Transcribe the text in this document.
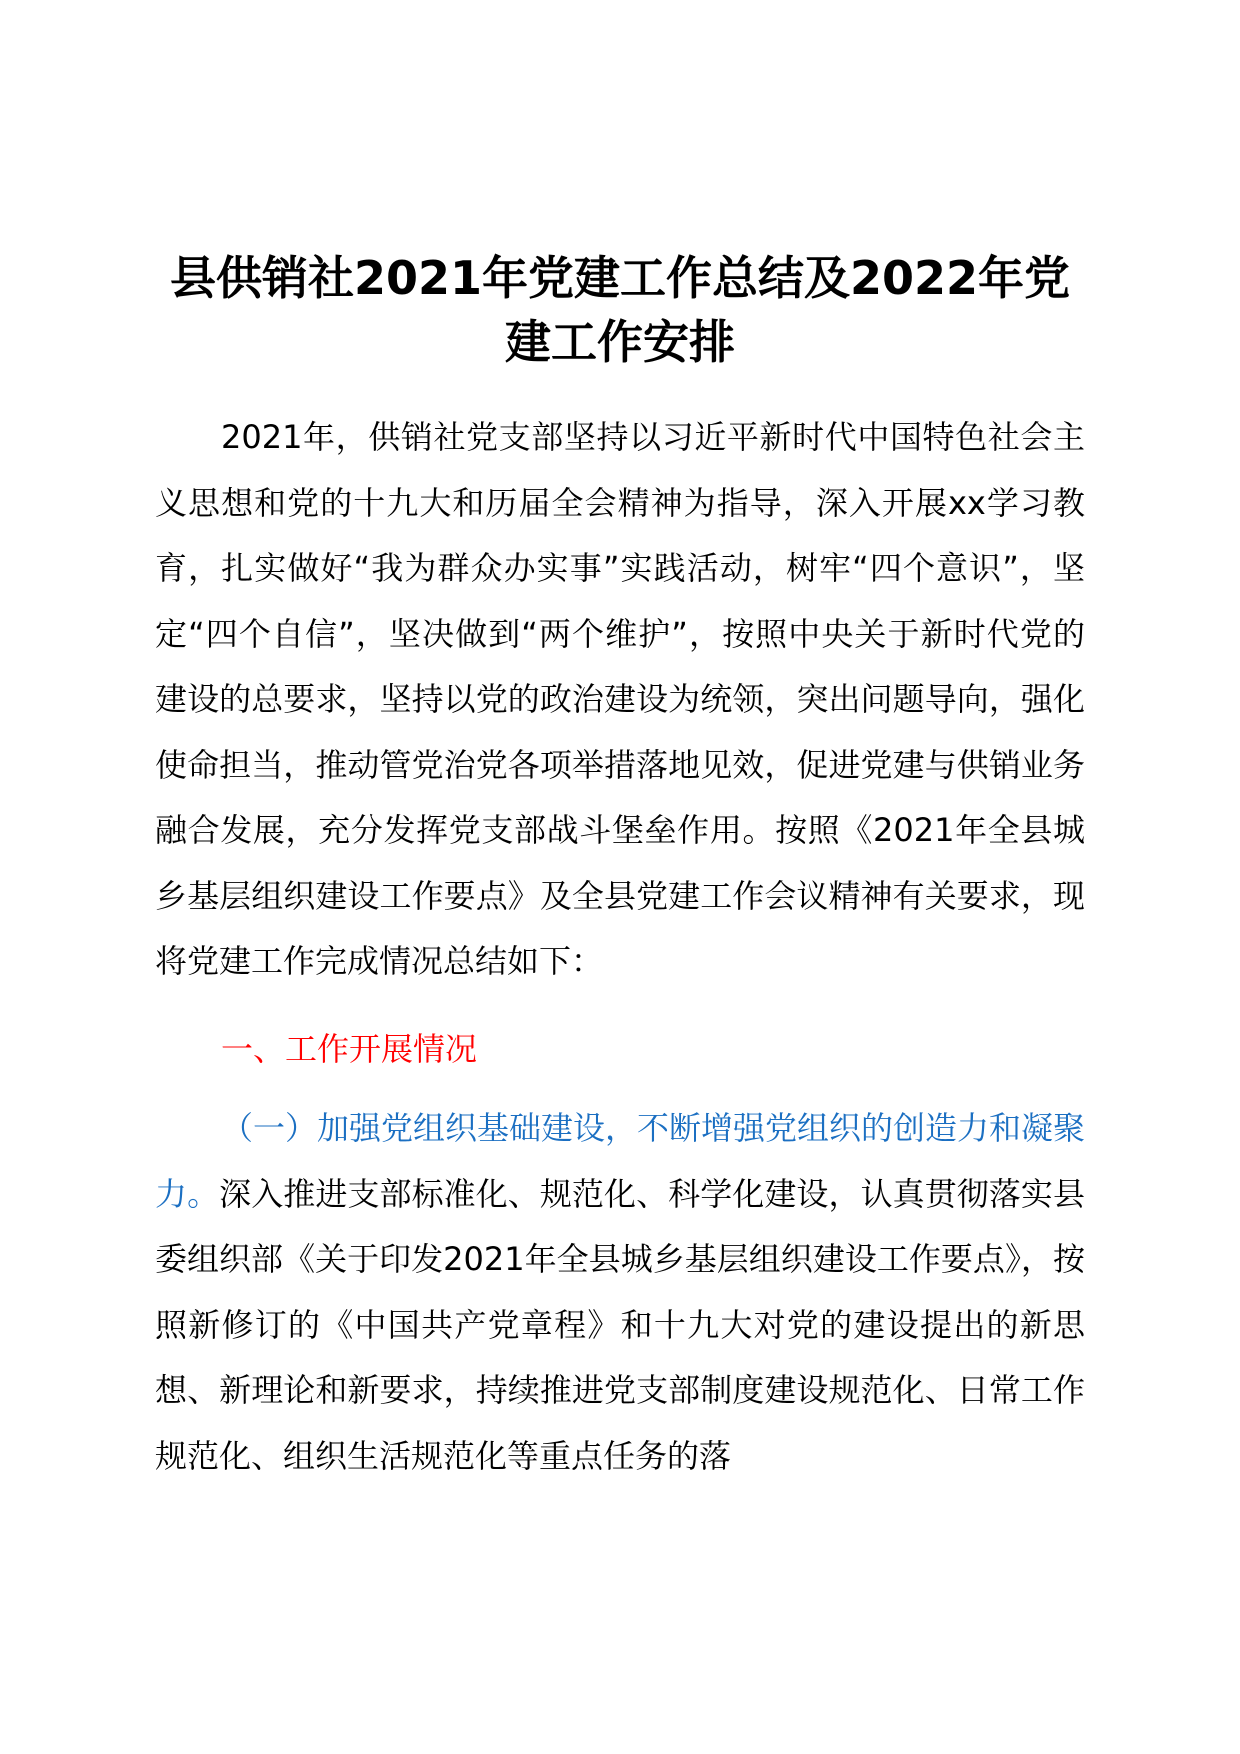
县供销社2021年党建工作总结及2022年党建工作安排
2021年，供销社党支部坚持以习近平新时代中国特色社会主义思想和党的十九大和历届全会精神为指导，深入开展xx学习教育，扎实做好“我为群众办实事”实践活动，树牢“四个意识”，坚定“四个自信”，坚决做到“两个维护”，按照中央关于新时代党的建设的总要求，坚持以党的政治建设为统领，突出问题导向，强化使命担当，推动管党治党各项举措落地见效，促进党建与供销业务融合发展，充分发挥党支部战斗堡垒作用。按照《2021年全县城乡基层组织建设工作要点》及全县党建工作会议精神有关要求，现将党建工作完成情况总结如下：
一、工作开展情况
（一）加强党组织基础建设，不断增强党组织的创造力和凝聚力。深入推进支部标准化、规范化、科学化建设，认真贯彻落实县委组织部《关于印发2021年全县城乡基层组织建设工作要点》，按照新修订的《中国共产党章程》和十九大对党的建设提出的新思想、新理论和新要求，持续推进党支部制度建设规范化、日常工作规范化、组织生活规范化等重点任务的落
